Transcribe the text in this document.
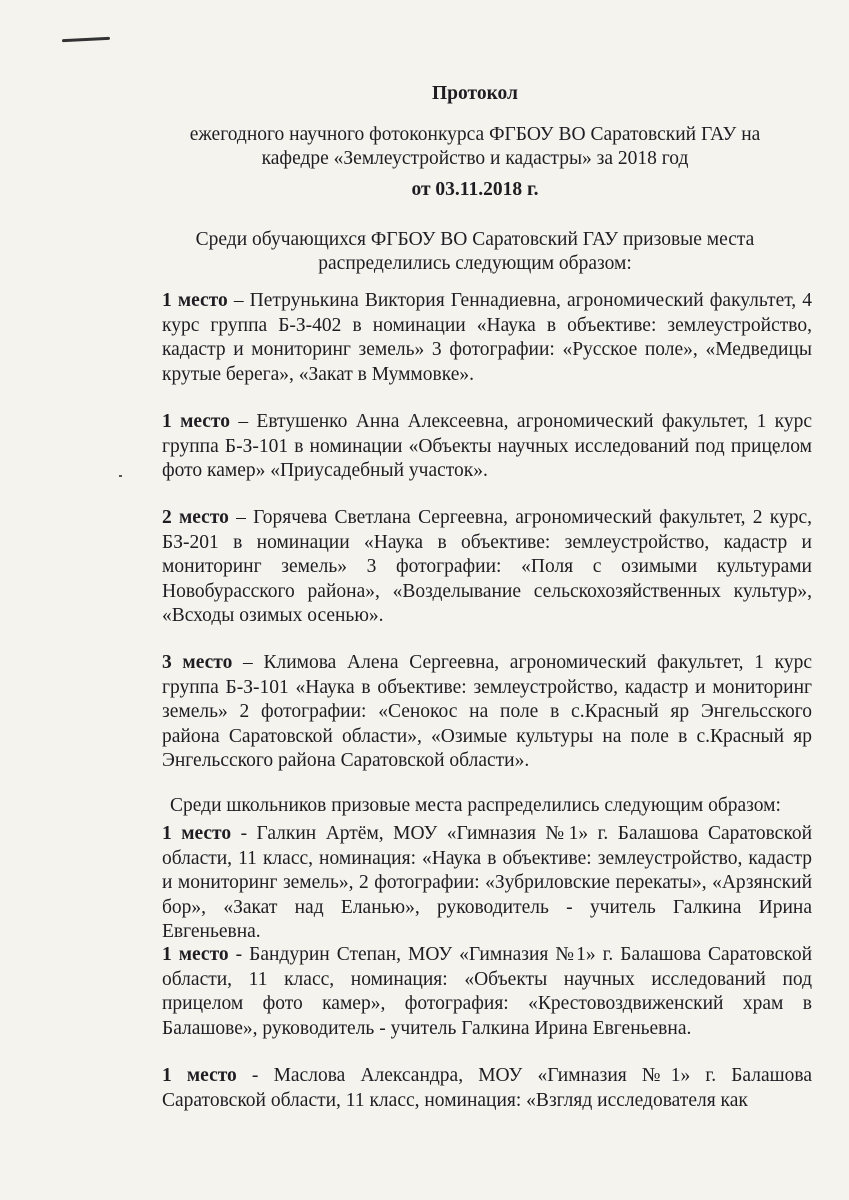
Протокол
ежегодного научного фотоконкурса ФГБОУ ВО Саратовский ГАУ на
кафедре «Землеустройство и кадастры» за 2018 год
от 03.11.2018 г.
Среди обучающихся ФГБОУ ВО Саратовский ГАУ призовые места
распределились следующим образом:
1 место – Петрунькина Виктория Геннадиевна, агрономический факультет, 4 курс группа Б-З-402 в номинации «Наука в объективе: землеустройство, кадастр и мониторинг земель» 3 фотографии: «Русское поле», «Медведицы крутые берега», «Закат в Муммовке».
1 место – Евтушенко Анна Алексеевна, агрономический факультет, 1 курс группа Б-З-101 в номинации «Объекты научных исследований под прицелом фото камер» «Приусадебный участок».
2 место – Горячева Светлана Сергеевна, агрономический факультет, 2 курс, БЗ-201 в номинации «Наука в объективе: землеустройство, кадастр и мониторинг земель» 3 фотографии: «Поля с озимыми культурами Новобурасского района», «Возделывание сельскохозяйственных культур», «Всходы озимых осенью».
3 место – Климова Алена Сергеевна, агрономический факультет, 1 курс группа Б-З-101 «Наука в объективе: землеустройство, кадастр и мониторинг земель» 2 фотографии: «Сенокос на поле в с.Красный яр Энгельсского района Саратовской области», «Озимые культуры на поле в с.Красный яр Энгельсского района Саратовской области».
Среди школьников призовые места распределились следующим образом:
1 место - Галкин Артём, МОУ «Гимназия №1» г. Балашова Саратовской области, 11 класс, номинация: «Наука в объективе: землеустройство, кадастр и мониторинг земель», 2 фотографии: «Зубриловские перекаты», «Арзянский бор», «Закат над Еланью», руководитель - учитель Галкина Ирина Евгеньевна.
1 место - Бандурин Степан, МОУ «Гимназия №1» г. Балашова Саратовской области, 11 класс, номинация: «Объекты научных исследований под прицелом фото камер», фотография: «Крестовоздвиженский храм в Балашове», руководитель - учитель Галкина Ирина Евгеньевна.
1 место - Маслова Александра, МОУ «Гимназия №1» г. Балашова Саратовской области, 11 класс, номинация: «Взгляд исследователя как
